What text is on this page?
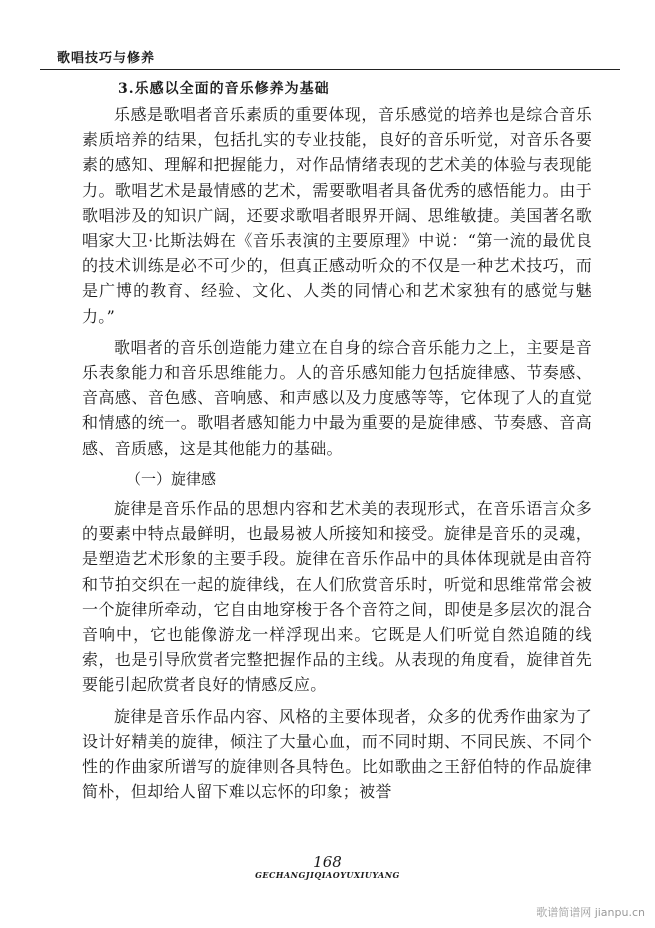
歌唱技巧与修养
3.乐感以全面的音乐修养为基础

乐感是歌唱者音乐素质的重要体现，音乐感觉的培养也是综合音乐素质培养的结果，包括扎实的专业技能，良好的音乐听觉，对音乐各要素的感知、理解和把握能力，对作品情绪表现的艺术美的体验与表现能力。歌唱艺术是最情感的艺术，需要歌唱者具备优秀的感悟能力。由于歌唱涉及的知识广阔，还要求歌唱者眼界开阔、思维敏捷。美国著名歌唱家大卫·比斯法姆在《音乐表演的主要原理》中说：“第一流的最优良的技术训练是必不可少的，但真正感动听众的不仅是一种艺术技巧，而是广博的教育、经验、文化、人类的同情心和艺术家独有的感觉与魅力。”

歌唱者的音乐创造能力建立在自身的综合音乐能力之上，主要是音乐表象能力和音乐思维能力。人的音乐感知能力包括旋律感、节奏感、音高感、音色感、音响感、和声感以及力度感等等，它体现了人的直觉和情感的统一。歌唱者感知能力中最为重要的是旋律感、节奏感、音高感、音质感，这是其他能力的基础。

（一）旋律感

旋律是音乐作品的思想内容和艺术美的表现形式，在音乐语言众多的要素中特点最鲜明，也最易被人所接知和接受。旋律是音乐的灵魂，是塑造艺术形象的主要手段。旋律在音乐作品中的具体体现就是由音符和节拍交织在一起的旋律线，在人们欣赏音乐时，听觉和思维常常会被一个旋律所牵动，它自由地穿梭于各个音符之间，即使是多层次的混合音响中，它也能像游龙一样浮现出来。它既是人们听觉自然追随的线索，也是引导欣赏者完整把握作品的主线。从表现的角度看，旋律首先要能引起欣赏者良好的情感反应。

旋律是音乐作品内容、风格的主要体现者，众多的优秀作曲家为了设计好精美的旋律，倾注了大量心血，而不同时期、不同民族、不同个性的作曲家所谱写的旋律则各具特色。比如歌曲之王舒伯特的作品旋律简朴，但却给人留下难以忘怀的印象；被誉

168
GECHANGJIQIAOYUXIUYANG
歌谱简谱网 jianpu.cn
